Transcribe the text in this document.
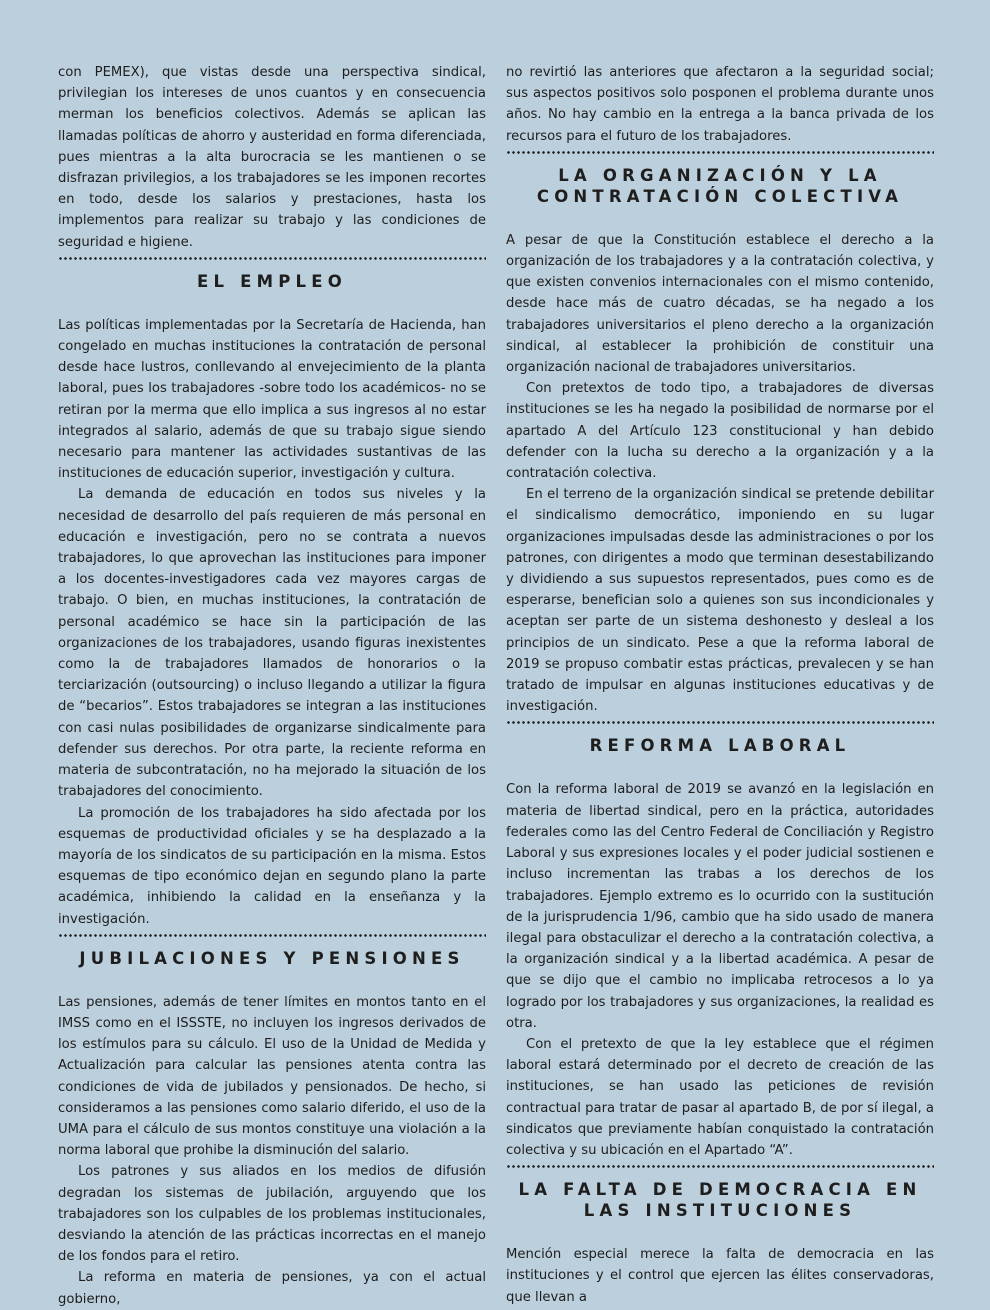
con PEMEX), que vistas desde una perspectiva sindical, privilegian los intereses de unos cuantos y en consecuencia merman los beneficios colectivos. Además se aplican las llamadas políticas de ahorro y austeridad en forma diferenciada, pues mientras a la alta burocracia se les mantienen o se disfrazan privilegios, a los trabajadores se les imponen recortes en todo, desde los salarios y prestaciones, hasta los implementos para realizar su trabajo y las condiciones de seguridad e higiene.

EL EMPLEO

Las políticas implementadas por la Secretaría de Hacienda, han congelado en muchas instituciones la contratación de personal desde hace lustros, conllevando al envejecimiento de la planta laboral, pues los trabajadores -sobre todo los académicos- no se retiran por la merma que ello implica a sus ingresos al no estar integrados al salario, además de que su trabajo sigue siendo necesario para mantener las actividades sustantivas de las instituciones de educación superior, investigación y cultura.

La demanda de educación en todos sus niveles y la necesidad de desarrollo del país requieren de más personal en educación e investigación, pero no se contrata a nuevos trabajadores, lo que aprovechan las instituciones para imponer a los docentes-investigadores cada vez mayores cargas de trabajo. O bien, en muchas instituciones, la contratación de personal académico se hace sin la participación de las organizaciones de los trabajadores, usando figuras inexistentes como la de trabajadores llamados de honorarios o la terciarización (outsourcing) o incluso llegando a utilizar la figura de “becarios”. Estos trabajadores se integran a las instituciones con casi nulas posibilidades de organizarse sindicalmente para defender sus derechos. Por otra parte, la reciente reforma en materia de subcontratación, no ha mejorado la situación de los trabajadores del conocimiento.

La promoción de los trabajadores ha sido afectada por los esquemas de productividad oficiales y se ha desplazado a la mayoría de los sindicatos de su participación en la misma. Estos esquemas de tipo económico dejan en segundo plano la parte académica, inhibiendo la calidad en la enseñanza y la investigación.

JUBILACIONES Y PENSIONES

Las pensiones, además de tener límites en montos tanto en el IMSS como en el ISSSTE, no incluyen los ingresos derivados de los estímulos para su cálculo. El uso de la Unidad de Medida y Actualización para calcular las pensiones atenta contra las condiciones de vida de jubilados y pensionados. De hecho, si consideramos a las pensiones como salario diferido, el uso de la UMA para el cálculo de sus montos constituye una violación a la norma laboral que prohibe la disminución del salario.

Los patrones y sus aliados en los medios de difusión degradan los sistemas de jubilación, arguyendo que los trabajadores son los culpables de los problemas institucionales, desviando la atención de las prácticas incorrectas en el manejo de los fondos para el retiro.

La reforma en materia de pensiones, ya con el actual gobierno,

no revirtió las anteriores que afectaron a la seguridad social; sus aspectos positivos solo posponen el problema durante unos años. No hay cambio en la entrega a la banca privada de los recursos para el futuro de los trabajadores.

LA ORGANIZACIÓN Y LA CONTRATACIÓN COLECTIVA

A pesar de que la Constitución establece el derecho a la organización de los trabajadores y a la contratación colectiva, y que existen convenios internacionales con el mismo contenido, desde hace más de cuatro décadas, se ha negado a los trabajadores universitarios el pleno derecho a la organización sindical, al establecer la prohibición de constituir una organización nacional de trabajadores universitarios.

Con pretextos de todo tipo, a trabajadores de diversas instituciones se les ha negado la posibilidad de normarse por el apartado A del Artículo 123 constitucional y han debido defender con la lucha su derecho a la organización y a la contratación colectiva.

En el terreno de la organización sindical se pretende debilitar el sindicalismo democrático, imponiendo en su lugar organizaciones impulsadas desde las administraciones o por los patrones, con dirigentes a modo que terminan desestabilizando y dividiendo a sus supuestos representados, pues como es de esperarse, benefician solo a quienes son sus incondicionales y aceptan ser parte de un sistema deshonesto y desleal a los principios de un sindicato. Pese a que la reforma laboral de 2019 se propuso combatir estas prácticas, prevalecen y se han tratado de impulsar en algunas instituciones educativas y de investigación.

REFORMA LABORAL

Con la reforma laboral de 2019 se avanzó en la legislación en materia de libertad sindical, pero en la práctica, autoridades federales como las del Centro Federal de Conciliación y Registro Laboral y sus expresiones locales y el poder judicial sostienen e incluso incrementan las trabas a los derechos de los trabajadores. Ejemplo extremo es lo ocurrido con la sustitución de la jurisprudencia 1/96, cambio que ha sido usado de manera ilegal para obstaculizar el derecho a la contratación colectiva, a la organización sindical y a la libertad académica. A pesar de que se dijo que el cambio no implicaba retrocesos a lo ya logrado por los trabajadores y sus organizaciones, la realidad es otra.

Con el pretexto de que la ley establece que el régimen laboral estará determinado por el decreto de creación de las instituciones, se han usado las peticiones de revisión contractual para tratar de pasar al apartado B, de por sí ilegal, a sindicatos que previamente habían conquistado la contratación colectiva y su ubicación en el Apartado “A”.

LA FALTA DE DEMOCRACIA EN LAS INSTITUCIONES

Mención especial merece la falta de democracia en las instituciones y el control que ejercen las élites conservadoras, que llevan a
